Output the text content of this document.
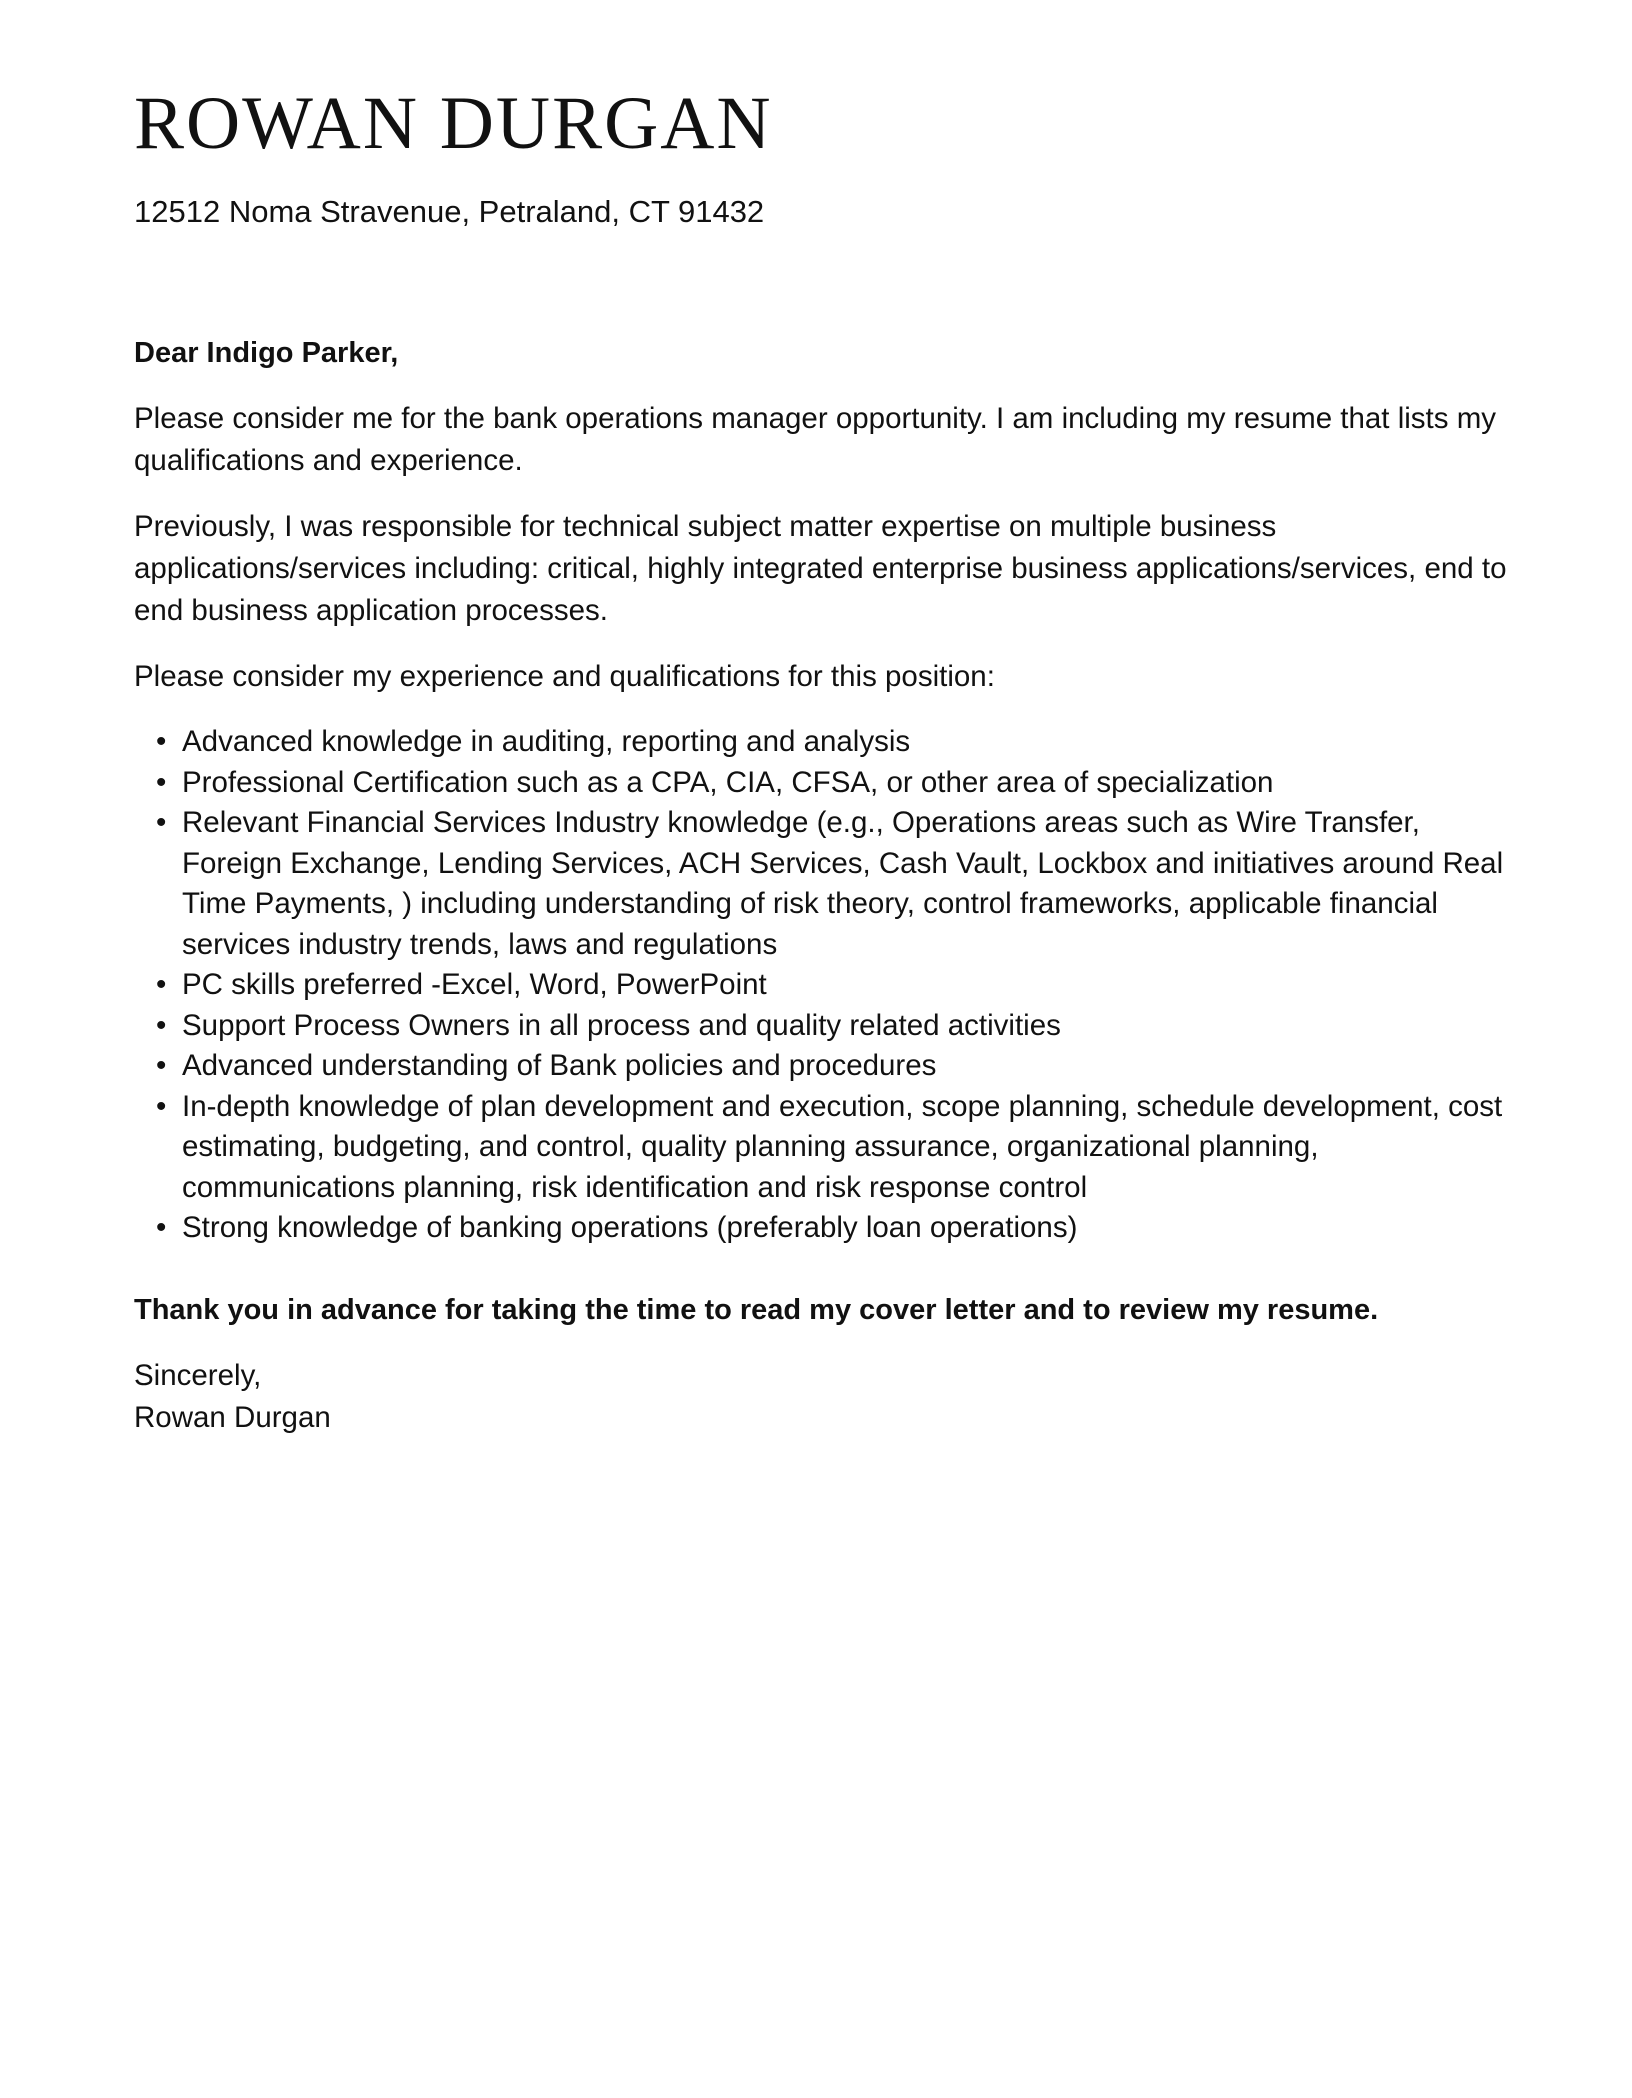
ROWAN DURGAN
12512 Noma Stravenue, Petraland, CT 91432

Dear Indigo Parker,

Please consider me for the bank operations manager opportunity. I am including my resume that lists my qualifications and experience.

Previously, I was responsible for technical subject matter expertise on multiple business applications/services including: critical, highly integrated enterprise business applications/services, end to end business application processes.

Please consider my experience and qualifications for this position:

• Advanced knowledge in auditing, reporting and analysis
• Professional Certification such as a CPA, CIA, CFSA, or other area of specialization
• Relevant Financial Services Industry knowledge (e.g., Operations areas such as Wire Transfer, Foreign Exchange, Lending Services, ACH Services, Cash Vault, Lockbox and initiatives around Real Time Payments, ) including understanding of risk theory, control frameworks, applicable financial services industry trends, laws and regulations
• PC skills preferred -Excel, Word, PowerPoint
• Support Process Owners in all process and quality related activities
• Advanced understanding of Bank policies and procedures
• In-depth knowledge of plan development and execution, scope planning, schedule development, cost estimating, budgeting, and control, quality planning assurance, organizational planning, communications planning, risk identification and risk response control
• Strong knowledge of banking operations (preferably loan operations)

Thank you in advance for taking the time to read my cover letter and to review my resume.

Sincerely,

Rowan Durgan
